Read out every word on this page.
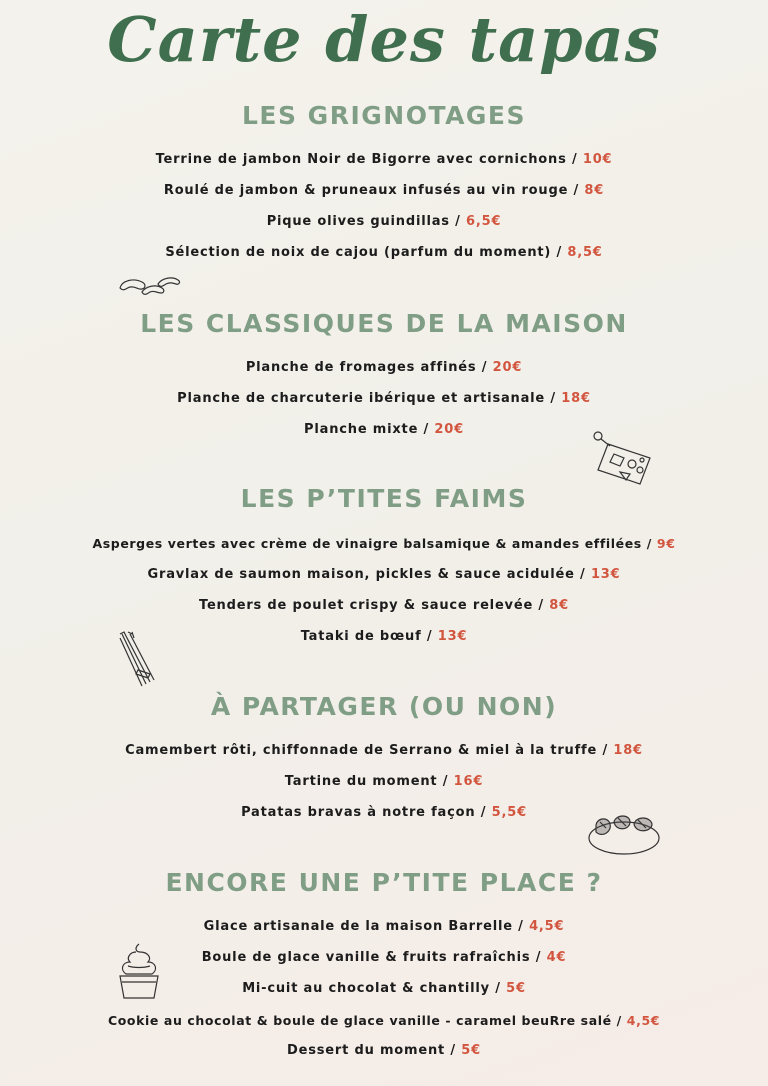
Carte des tapas
LES GRIGNOTAGES
Terrine de jambon Noir de Bigorre avec cornichons / 10€
Roulé de jambon & pruneaux infusés au vin rouge / 8€
Pique olives guindillas / 6,5€
Sélection de noix de cajou (parfum du moment) / 8,5€
LES CLASSIQUES DE LA MAISON
Planche de fromages affinés / 20€
Planche de charcuterie ibérique et artisanale / 18€
Planche mixte / 20€
LES P’TITES FAIMS
Asperges vertes avec crème de vinaigre balsamique & amandes effilées / 9€
Gravlax de saumon maison, pickles & sauce acidulée / 13€
Tenders de poulet crispy & sauce relevée / 8€
Tataki de bœuf / 13€
À PARTAGER (OU NON)
Camembert rôti, chiffonnade de Serrano & miel à la truffe / 18€
Tartine du moment / 16€
Patatas bravas à notre façon / 5,5€
ENCORE UNE P’TITE PLACE ?
Glace artisanale de la maison Barrelle / 4,5€
Boule de glace vanille & fruits rafraîchis / 4€
Mi-cuit au chocolat & chantilly / 5€
Cookie au chocolat & boule de glace vanille - caramel beuRre salé / 4,5€
Dessert du moment / 5€
